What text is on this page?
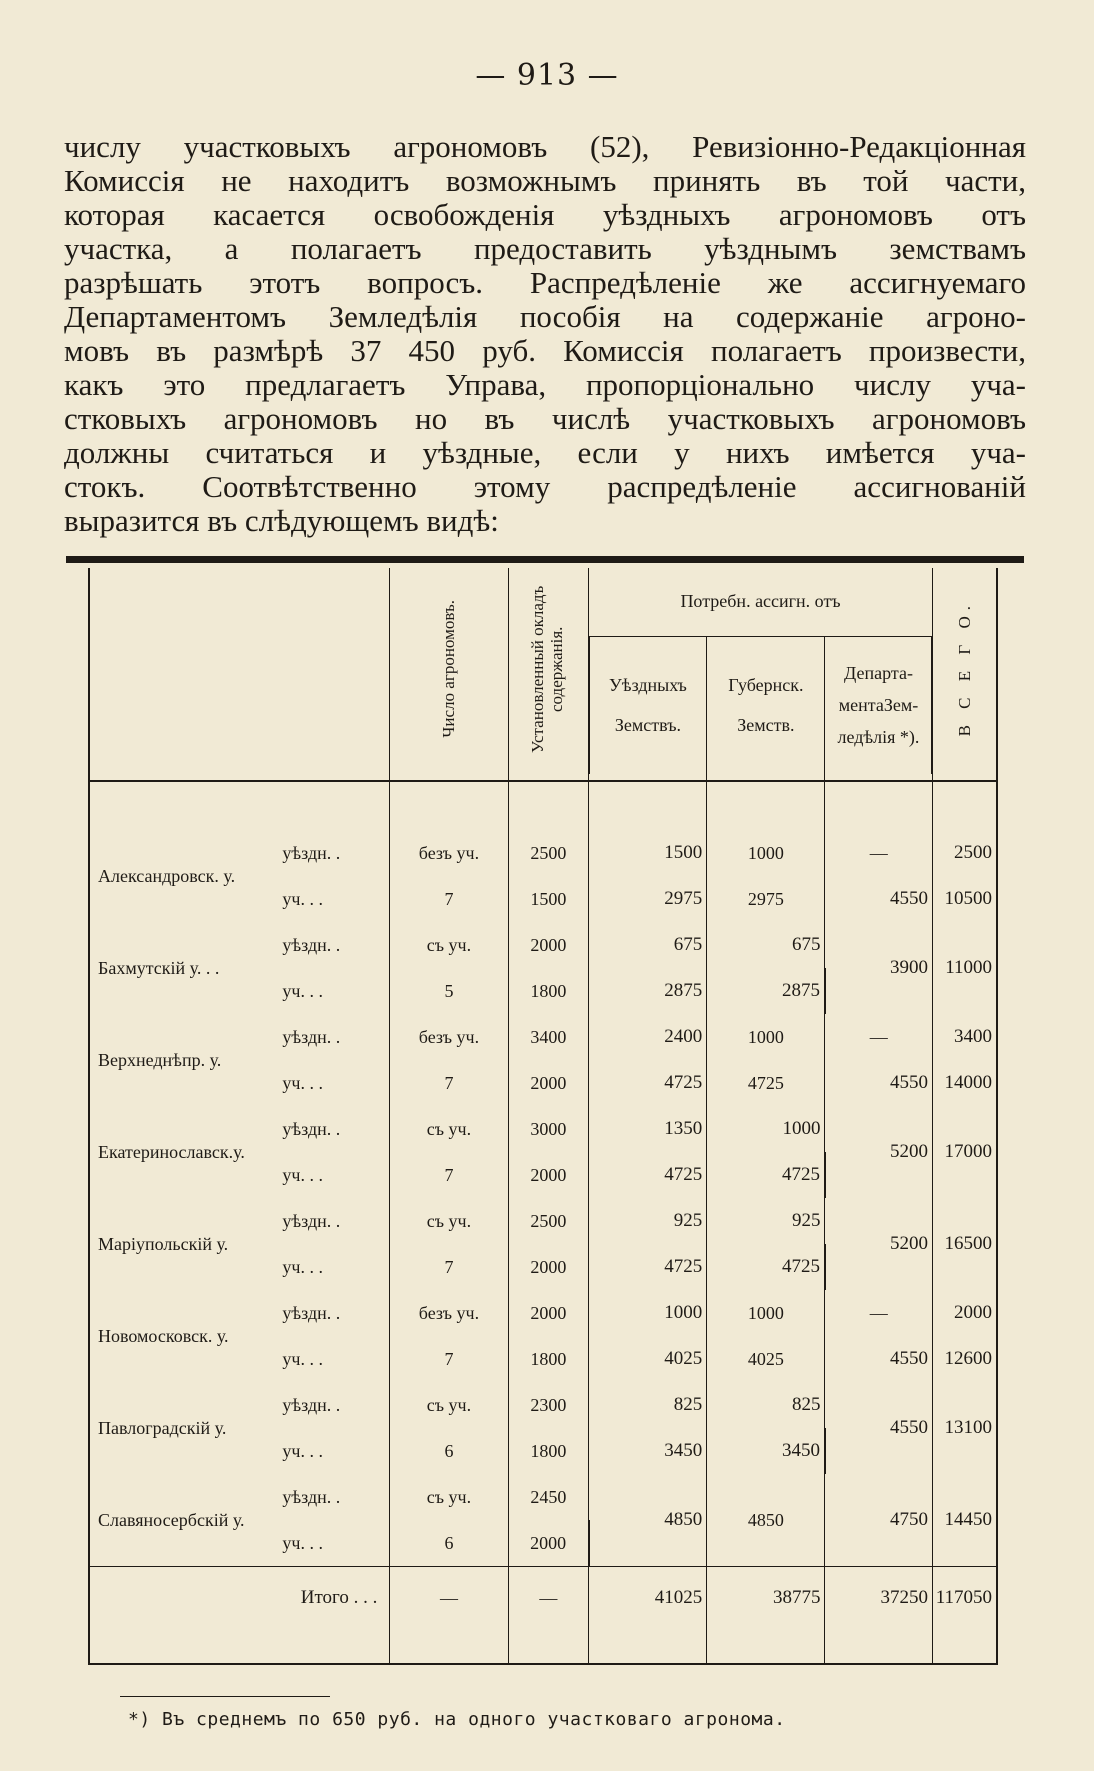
— 913 —
числу участковыхъ агрономовъ (52), Ревизіонно-Редакціонная
Комиссія не находитъ возможнымъ принять въ той части,
которая касается освобожденія уѣздныхъ агрономовъ отъ
участка, а полагаетъ предоставить уѣзднымъ земствамъ
разрѣшать этотъ вопросъ. Распредѣленіе же ассигнуемаго
Департаментомъ Земледѣлія пособія на содержаніе агроно-
мовъ въ размѣрѣ 37 450 руб. Комиссія полагаетъ произвести,
какъ это предлагаетъ Управа, пропорціонально числу уча-
стковыхъ агрономовъ но въ числѣ участковыхъ агрономовъ
должны считаться и уѣздные, если у нихъ имѣется уча-
стокъ. Соотвѣтственно этому распредѣленіе ассигнованій
выразится въ слѣдующемъ видѣ:
		Число агрономовъ.	Установленный окладъ содержанія.	Потребн. ассигн. отъ			В С Е Г О.
				Уѣздныхъ Земствъ.	Губернск. Земств.	Департа- ментаЗем- ледѣлія *).	

Александровск. у.	уѣздн. .	безъ уч.	2500	1500	1000	—	2500
	уч. . .	7	1500	2975	2975	4550	10500
Бахмутскій у. . .	уѣздн. .	съ уч.	2000	675	675	3900	11000
	уч. . .	5	1800	2875	2875		
Верхнеднѣпр. у.	уѣздн. .	безъ уч.	3400	2400	1000	—	3400
	уч. . .	7	2000	4725	4725	4550	14000
Екатеринославск.у.	уѣздн. .	съ уч.	3000	1350	1000	5200	17000
	уч. . .	7	2000	4725	4725		
Маріупольскій у.	уѣздн. .	съ уч.	2500	925	925	5200	16500
	уч. . .	7	2000	4725	4725		
Новомосковск. у.	уѣздн. .	безъ уч.	2000	1000	1000	—	2000
	уч. . .	7	1800	4025	4025	4550	12600
Павлоградскій у.	уѣздн. .	съ уч.	2300	825	825	4550	13100
	уч. . .	6	1800	3450	3450		
Славяносербскій у.	уѣздн. .	съ уч.	2450	4850	4850	4750	14450
	уч. . .	6	2000				
Итого . . .		—	—	41025	38775	37250	117050

*) Въ среднемъ по 650 руб. на одного участковаго агронома.
